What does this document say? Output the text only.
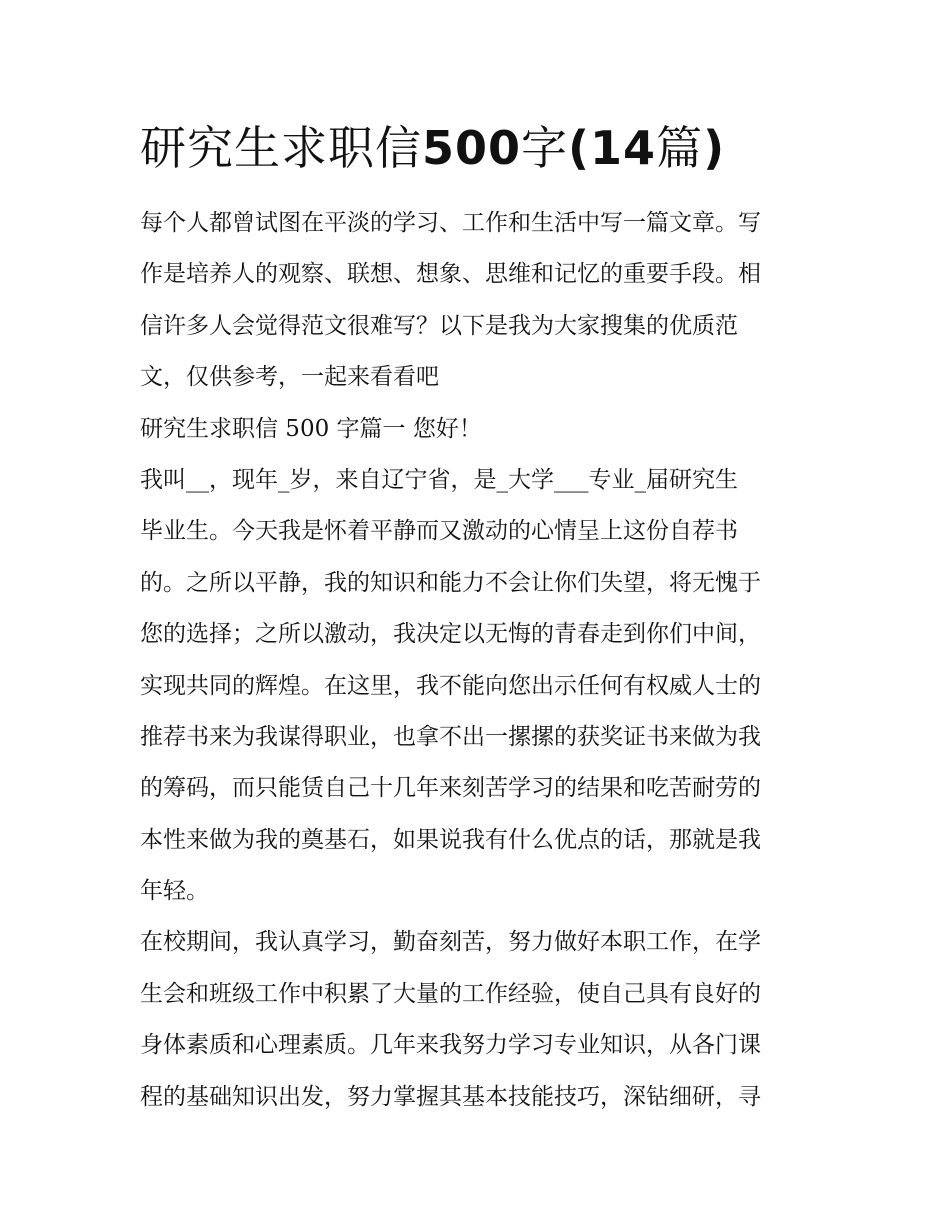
研究生求职信500字(14篇)
每个人都曾试图在平淡的学习、工作和生活中写一篇文章。写
作是培养人的观察、联想、想象、思维和记忆的重要手段。相
信许多人会觉得范文很难写？以下是我为大家搜集的优质范
文，仅供参考，一起来看看吧
研究生求职信 500 字篇一 您好！
我叫__，现年_岁，来自辽宁省，是_大学___专业_届研究生
毕业生。今天我是怀着平静而又激动的心情呈上这份自荐书
的。之所以平静，我的知识和能力不会让你们失望，将无愧于
您的选择；之所以激动，我决定以无悔的青春走到你们中间，
实现共同的辉煌。在这里，我不能向您出示任何有权威人士的
推荐书来为我谋得职业，也拿不出一摞摞的获奖证书来做为我
的筹码，而只能赁自己十几年来刻苦学习的结果和吃苦耐劳的
本性来做为我的奠基石，如果说我有什么优点的话，那就是我
年轻。
在校期间，我认真学习，勤奋刻苦，努力做好本职工作，在学
生会和班级工作中积累了大量的工作经验，使自己具有良好的
身体素质和心理素质。几年来我努力学习专业知识，从各门课
程的基础知识出发，努力掌握其基本技能技巧，深钻细研，寻
